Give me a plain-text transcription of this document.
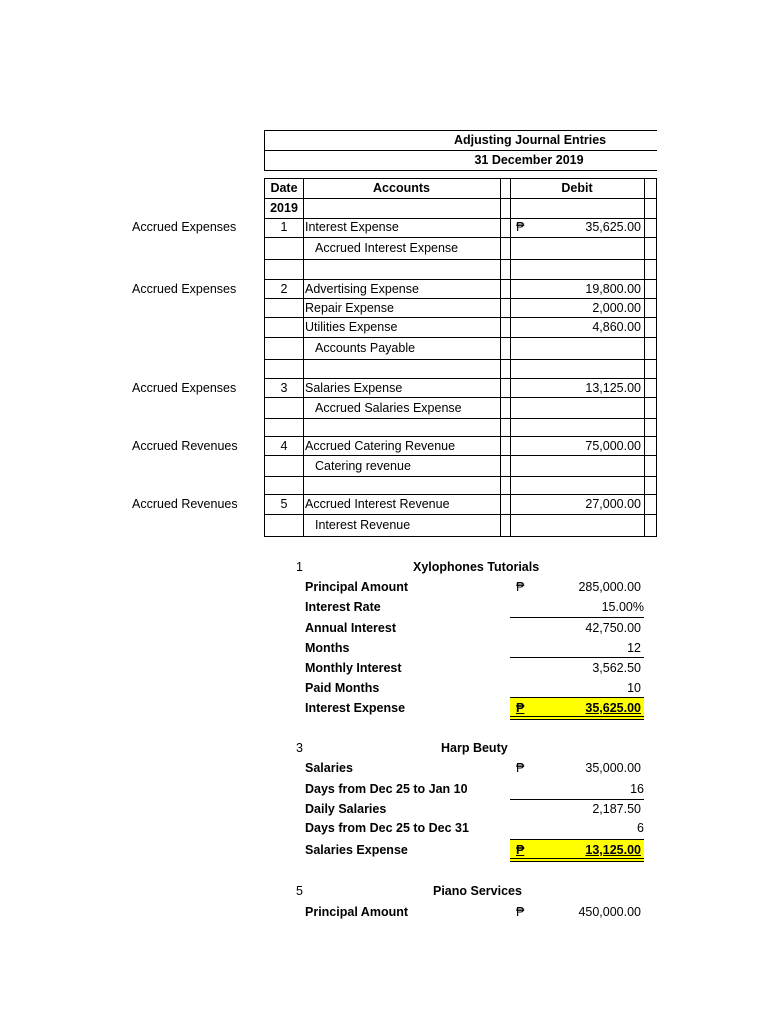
Adjusting Journal Entries
31 December 2019
Date	Accounts	Debit
2019
Accrued Expenses	1	Interest Expense	₱	35,625.00
Accrued Interest Expense
Accrued Expenses	2	Advertising Expense	19,800.00
Repair Expense	2,000.00
Utilities Expense	4,860.00
Accounts Payable
Accrued Expenses	3	Salaries Expense	13,125.00
Accrued Salaries Expense
Accrued Revenues	4	Accrued Catering Revenue	75,000.00
Catering revenue
Accrued Revenues	5	Accrued Interest Revenue	27,000.00
Interest Revenue
1	Xylophones Tutorials
Principal Amount	₱	285,000.00
Interest Rate	15.00%
Annual Interest	42,750.00
Months	12
Monthly Interest	3,562.50
Paid Months	10
Interest Expense	₱	35,625.00
3	Harp Beuty
Salaries	₱	35,000.00
Days from Dec 25 to Jan 10	16
Daily Salaries	2,187.50
Days from Dec 25 to Dec 31	6
Salaries Expense	₱	13,125.00
5	Piano Services
Principal Amount	₱	450,000.00
